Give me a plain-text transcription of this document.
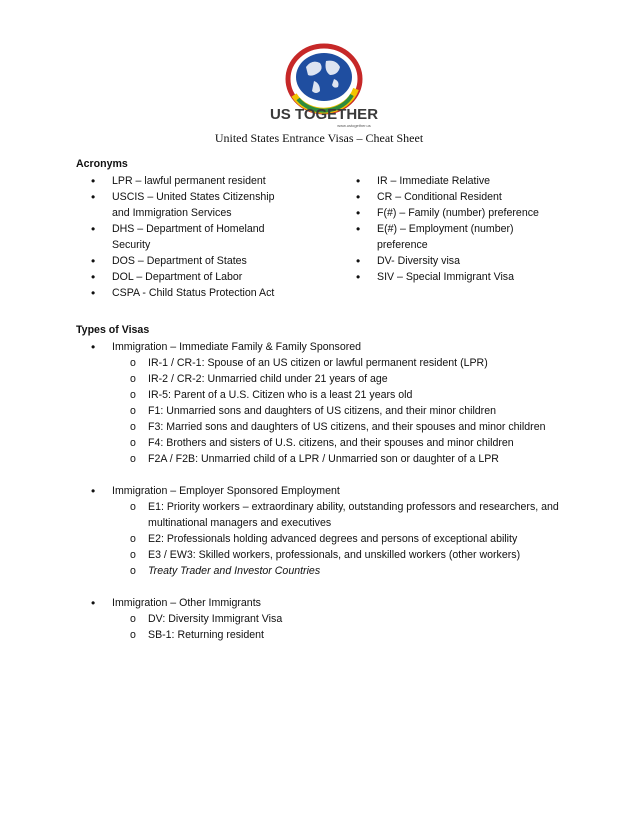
US TOGETHER
www.ustogether.us
United States Entrance Visas – Cheat Sheet
Acronyms
• LPR – lawful permanent resident
• USCIS – United States Citizenship and Immigration Services
• DHS – Department of Homeland Security
• DOS – Department of States
• DOL – Department of Labor
• CSPA - Child Status Protection Act
• IR – Immediate Relative
• CR – Conditional Resident
• F(#) – Family (number) preference
• E(#) – Employment (number) preference
• DV- Diversity visa
• SIV – Special Immigrant Visa
Types of Visas
• Immigration – Immediate Family & Family Sponsored
o IR-1 / CR-1: Spouse of an US citizen or lawful permanent resident (LPR)
o IR-2 / CR-2: Unmarried child under 21 years of age
o IR-5: Parent of a U.S. Citizen who is a least 21 years old
o F1: Unmarried sons and daughters of US citizens, and their minor children
o F3: Married sons and daughters of US citizens, and their spouses and minor children
o F4: Brothers and sisters of U.S. citizens, and their spouses and minor children
o F2A / F2B: Unmarried child of a LPR / Unmarried son or daughter of a LPR
• Immigration – Employer Sponsored Employment
o E1: Priority workers – extraordinary ability, outstanding professors and researchers, and multinational managers and executives
o E2: Professionals holding advanced degrees and persons of exceptional ability
o E3 / EW3: Skilled workers, professionals, and unskilled workers (other workers)
o Treaty Trader and Investor Countries
• Immigration – Other Immigrants
o DV: Diversity Immigrant Visa
o SB-1: Returning resident
